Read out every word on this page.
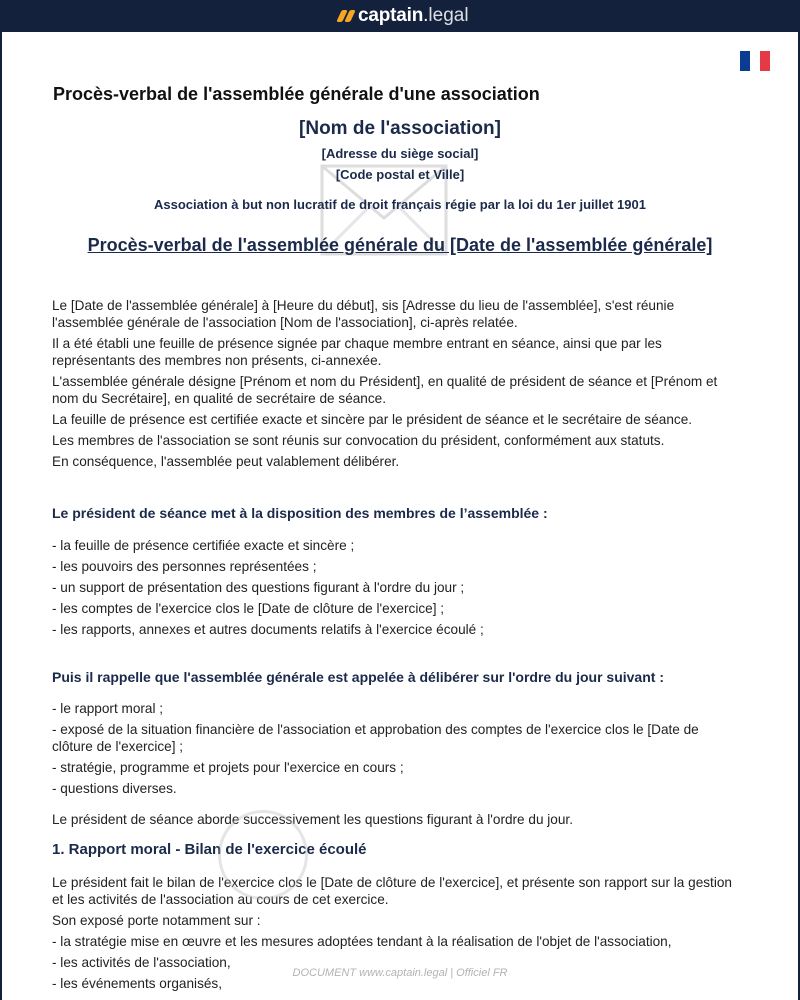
captain . legal
Procès-verbal de l'assemblée générale d'une association
[Nom de l'association]
[Adresse du siège social]
[Code postal et Ville]
Association à but non lucratif de droit français régie par la loi du 1er juillet 1901
Procès-verbal de l'assemblée générale du [Date de l'assemblée générale]

Le [Date de l'assemblée générale] à [Heure du début], sis [Adresse du lieu de l'assemblée], s'est réunie l'assemblée générale de l'association [Nom de l'association], ci-après relatée.

Il a été établi une feuille de présence signée par chaque membre entrant en séance, ainsi que par les représentants des membres non présents, ci-annexée.

L'assemblée générale désigne [Prénom et nom du Président], en qualité de président de séance et [Prénom et nom du Secrétaire], en qualité de secrétaire de séance.

La feuille de présence est certifiée exacte et sincère par le président de séance et le secrétaire de séance.

Les membres de l'association se sont réunis sur convocation du président, conformément aux statuts.

En conséquence, l'assemblée peut valablement délibérer.

Le président de séance met à la disposition des membres de l’assemblée :

- la feuille de présence certifiée exacte et sincère ;

- les pouvoirs des personnes représentées ;

- un support de présentation des questions figurant à l'ordre du jour ;

- les comptes de l'exercice clos le [Date de clôture de l'exercice] ;

- les rapports, annexes et autres documents relatifs à l'exercice écoulé ;

Puis il rappelle que l'assemblée générale est appelée à délibérer sur l'ordre du jour suivant :

- le rapport moral ;

- exposé de la situation financière de l'association et approbation des comptes de l'exercice clos le [Date de clôture de l'exercice] ;

- stratégie, programme et projets pour l'exercice en cours ;

- questions diverses.

Le président de séance aborde successivement les questions figurant à l'ordre du jour.
1. Rapport moral - Bilan de l'exercice écoulé

Le président fait le bilan de l'exercice clos le [Date de clôture de l'exercice], et présente son rapport sur la gestion et les activités de l'association au cours de cet exercice.

Son exposé porte notamment sur :

- la stratégie mise en œuvre et les mesures adoptées tendant à la réalisation de l'objet de l'association,

- les activités de l'association,

- les événements organisés,

DOCUMENT www.captain.legal | Officiel FR
